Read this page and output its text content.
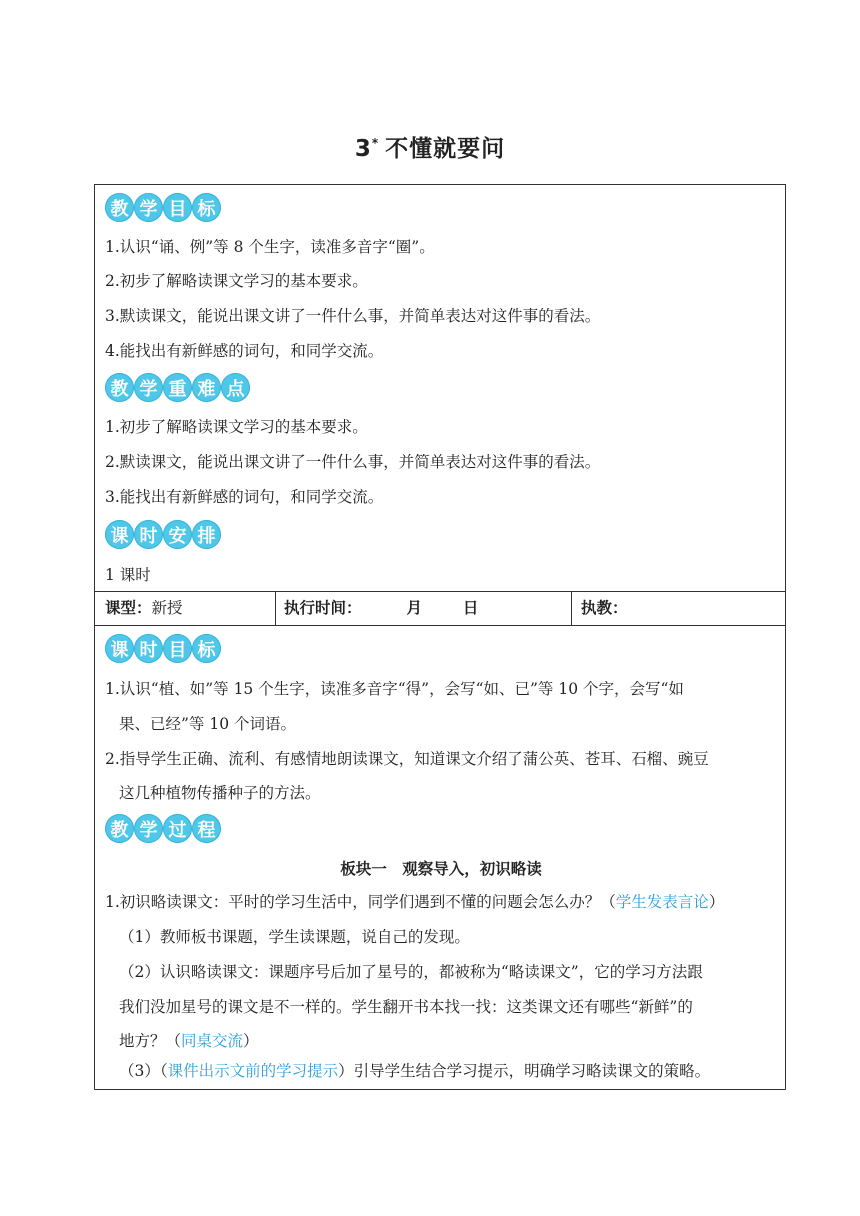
3* 不懂就要问
教 学 目 标
1.认识“诵、例”等 8 个生字，读准多音字“圈”。
2.初步了解略读课文学习的基本要求。
3.默读课文，能说出课文讲了一件什么事，并简单表达对这件事的看法。
4.能找出有新鲜感的词句，和同学交流。
教 学 重 难 点
1.初步了解略读课文学习的基本要求。
2.默读课文，能说出课文讲了一件什么事，并简单表达对这件事的看法。
3.能找出有新鲜感的词句，和同学交流。
课 时 安 排
1 课时
课型：新授	执行时间：	月	日	执教：
课 时 目 标
1.认识“植、如”等 15 个生字，读准多音字“得”，会写“如、已”等 10 个字，会写“如
果、已经”等 10 个词语。
2.指导学生正确、流利、有感情地朗读课文，知道课文介绍了蒲公英、苍耳、石榴、豌豆
这几种植物传播种子的方法。
教 学 过 程
板块一　观察导入，初识略读
1.初识略读课文：平时的学习生活中，同学们遇到不懂的问题会怎么办？（学生发表言论）
（1）教师板书课题，学生读课题，说自己的发现。
（2）认识略读课文：课题序号后加了星号的，都被称为“略读课文”，它的学习方法跟
我们没加星号的课文是不一样的。学生翻开书本找一找：这类课文还有哪些“新鲜”的
地方？（同桌交流）
（3）（课件出示文前的学习提示）引导学生结合学习提示，明确学习略读课文的策略。
